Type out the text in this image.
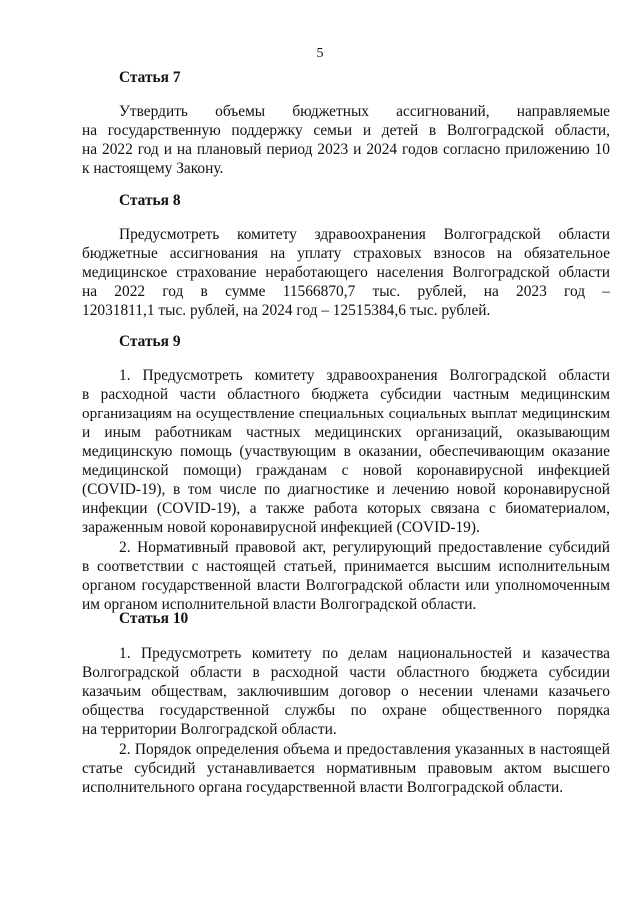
5
Статья 7
Утвердить объемы бюджетных ассигнований, направляемые
на государственную поддержку семьи и детей в Волгоградской области,
на 2022 год и на плановый период 2023 и 2024 годов согласно приложению 10
к настоящему Закону.
Статья 8
Предусмотреть комитету здравоохранения Волгоградской области
бюджетные ассигнования на уплату страховых взносов на обязательное
медицинское страхование неработающего населения Волгоградской области
на 2022 год в сумме 11566870,7 тыс. рублей, на 2023 год –
12031811,1 тыс. рублей, на 2024 год – 12515384,6 тыс. рублей.
Статья 9
1. Предусмотреть комитету здравоохранения Волгоградской области
в расходной части областного бюджета субсидии частным медицинским
организациям на осуществление специальных социальных выплат медицинским
и иным работникам частных медицинских организаций, оказывающим
медицинскую помощь (участвующим в оказании, обеспечивающим оказание
медицинской помощи) гражданам с новой коронавирусной инфекцией
(COVID-19), в том числе по диагностике и лечению новой коронавирусной
инфекции (COVID-19), а также работа которых связана с биоматериалом,
зараженным новой коронавирусной инфекцией (COVID-19).
2. Нормативный правовой акт, регулирующий предоставление субсидий
в соответствии с настоящей статьей, принимается высшим исполнительным
органом государственной власти Волгоградской области или уполномоченным
им органом исполнительной власти Волгоградской области.
Статья 10
1. Предусмотреть комитету по делам национальностей и казачества
Волгоградской области в расходной части областного бюджета субсидии
казачьим обществам, заключившим договор о несении членами казачьего
общества государственной службы по охране общественного порядка
на территории Волгоградской области.
2. Порядок определения объема и предоставления указанных в настоящей
статье субсидий устанавливается нормативным правовым актом высшего
исполнительного органа государственной власти Волгоградской области.
